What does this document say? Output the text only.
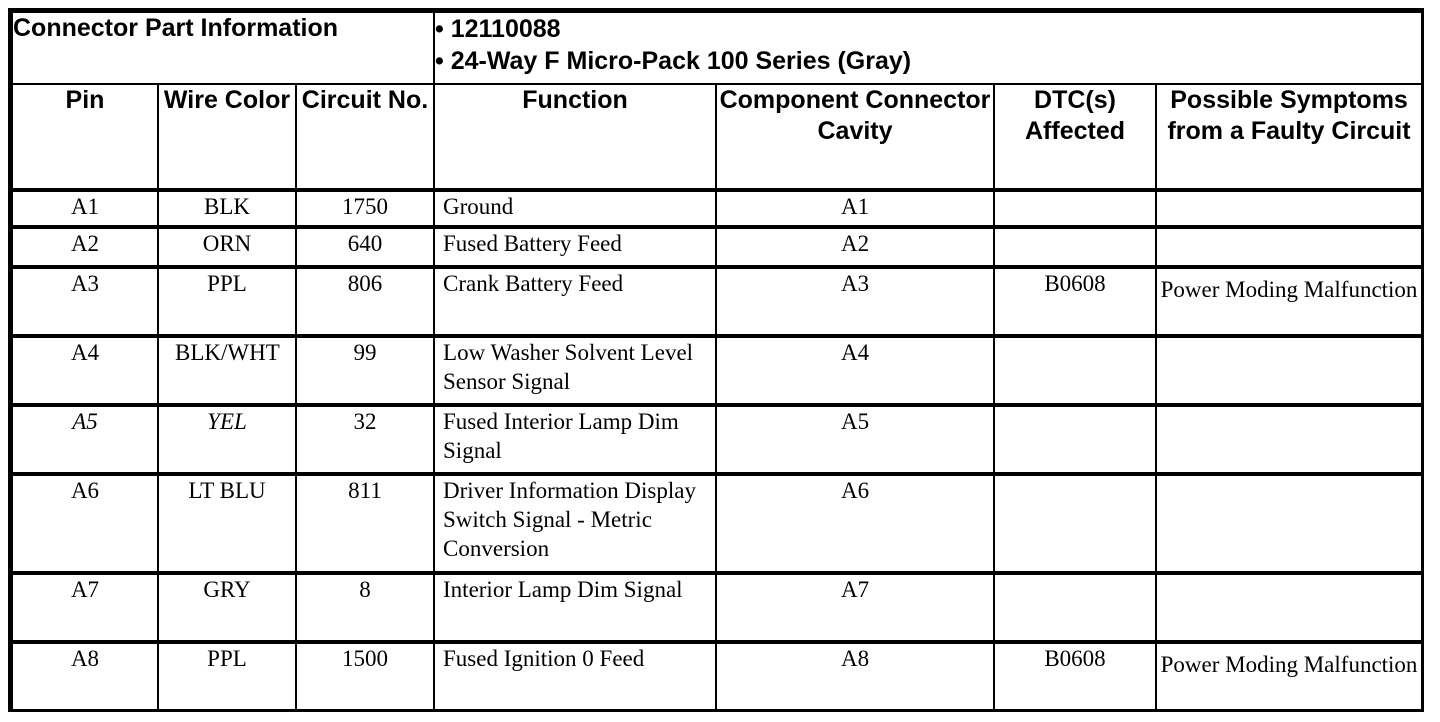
Connector Part Information			• 12110088
• 24-Way F Micro-Pack 100 Series (Gray)

Pin	Wire Color	Circuit No.	Function	Component Connector Cavity	DTC(s) Affected	Possible Symptoms from a Faulty Circuit
A1	BLK	1750	Ground	A1		
A2	ORN	640	Fused Battery Feed	A2		
A3	PPL	806	Crank Battery Feed	A3	B0608	Power Moding Malfunction
A4	BLK/WHT	99	Low Washer Solvent Level Sensor Signal	A4		
A5	YEL	32	Fused Interior Lamp Dim Signal	A5		
A6	LT BLU	811	Driver Information Display Switch Signal - Metric Conversion	A6		
A7	GRY	8	Interior Lamp Dim Signal	A7		
A8	PPL	1500	Fused Ignition 0 Feed	A8	B0608	Power Moding Malfunction
